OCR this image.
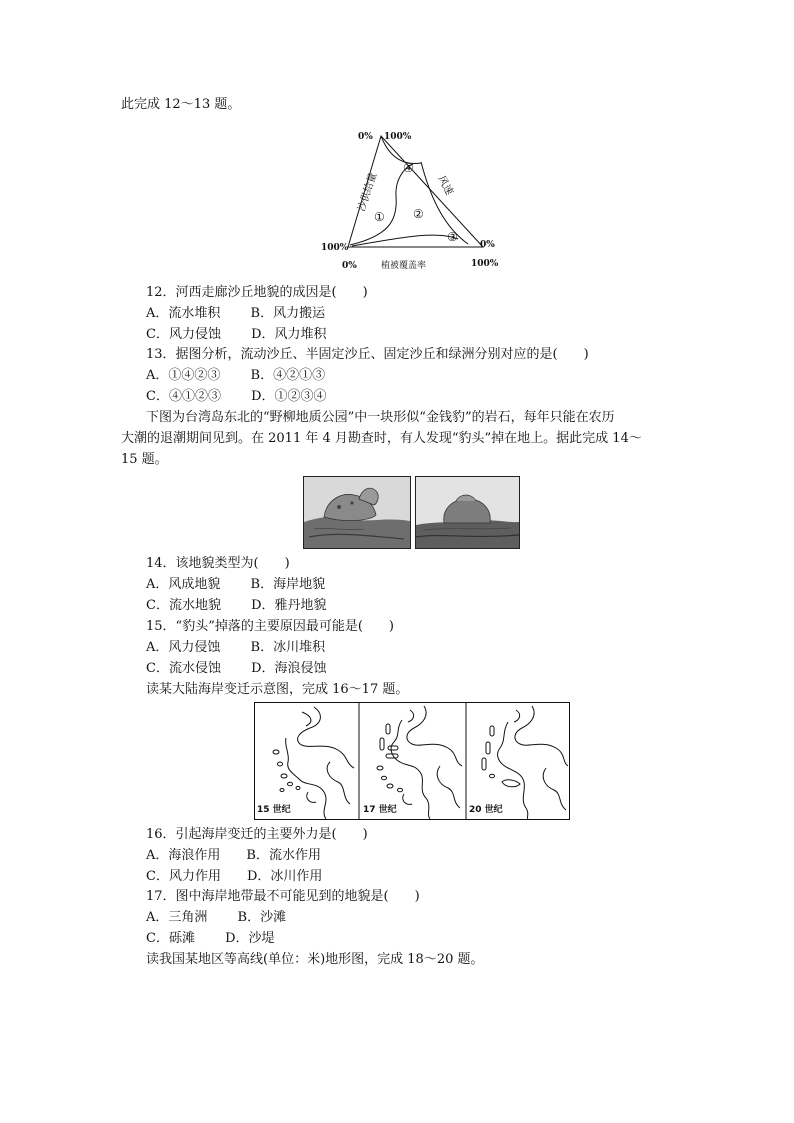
此完成 12～13 题。
0% 100%
沙供给量	风速
植被覆盖率
100%
0%
0%
100%
① ②
③
④
12．河西走廊沙丘地貌的成因是(　　)
A．流水堆积　　 B．风力搬运
C．风力侵蚀　　 D．风力堆积
13．据图分析，流动沙丘、半固定沙丘、固定沙丘和绿洲分别对应的是(　　)
A．①④②③　　 B．④②①③
C．④①②③　　 D．①②③④
下图为台湾岛东北的“野柳地质公园”中一块形似“金钱豹”的岩石，每年只能在农历
大潮的退潮期间见到。在 2011 年 4 月勘查时，有人发现“豹头”掉在地上。据此完成 14～
15 题。
14．该地貌类型为(　　)
A．风成地貌　　 B．海岸地貌
C．流水地貌　　 D．雅丹地貌
15．“豹头”掉落的主要原因最可能是(　　)
A．风力侵蚀　　 B．冰川堆积
C．流水侵蚀　　 D．海浪侵蚀
读某大陆海岸变迁示意图，完成 16～17 题。
15 世纪	17 世纪	20 世纪
16．引起海岸变迁的主要外力是(　　)
A．海浪作用　　B．流水作用
C．风力作用　　D．冰川作用
17．图中海岸地带最不可能见到的地貌是(　　)
A．三角洲　　 B．沙滩
C．砾滩　　 D．沙堤
读我国某地区等高线(单位：米)地形图，完成 18～20 题。
